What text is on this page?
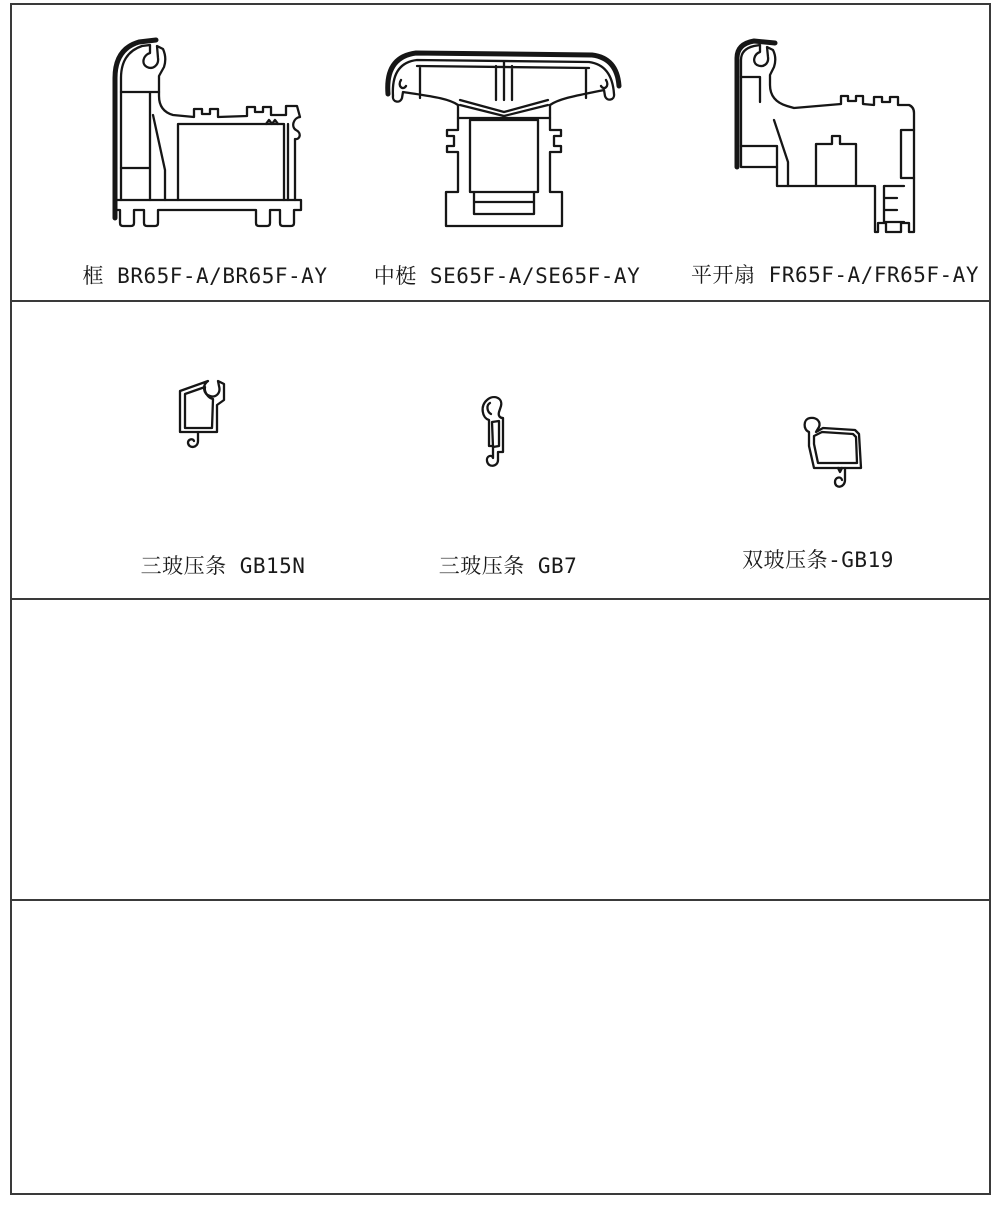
框 BR65F-A/BR65F-AY 中梃 SE65F-A/SE65F-AY 平开扇 FR65F-A/FR65F-AY
三玻压条 GB15N	三玻压条 GB7	双玻压条-GB19
